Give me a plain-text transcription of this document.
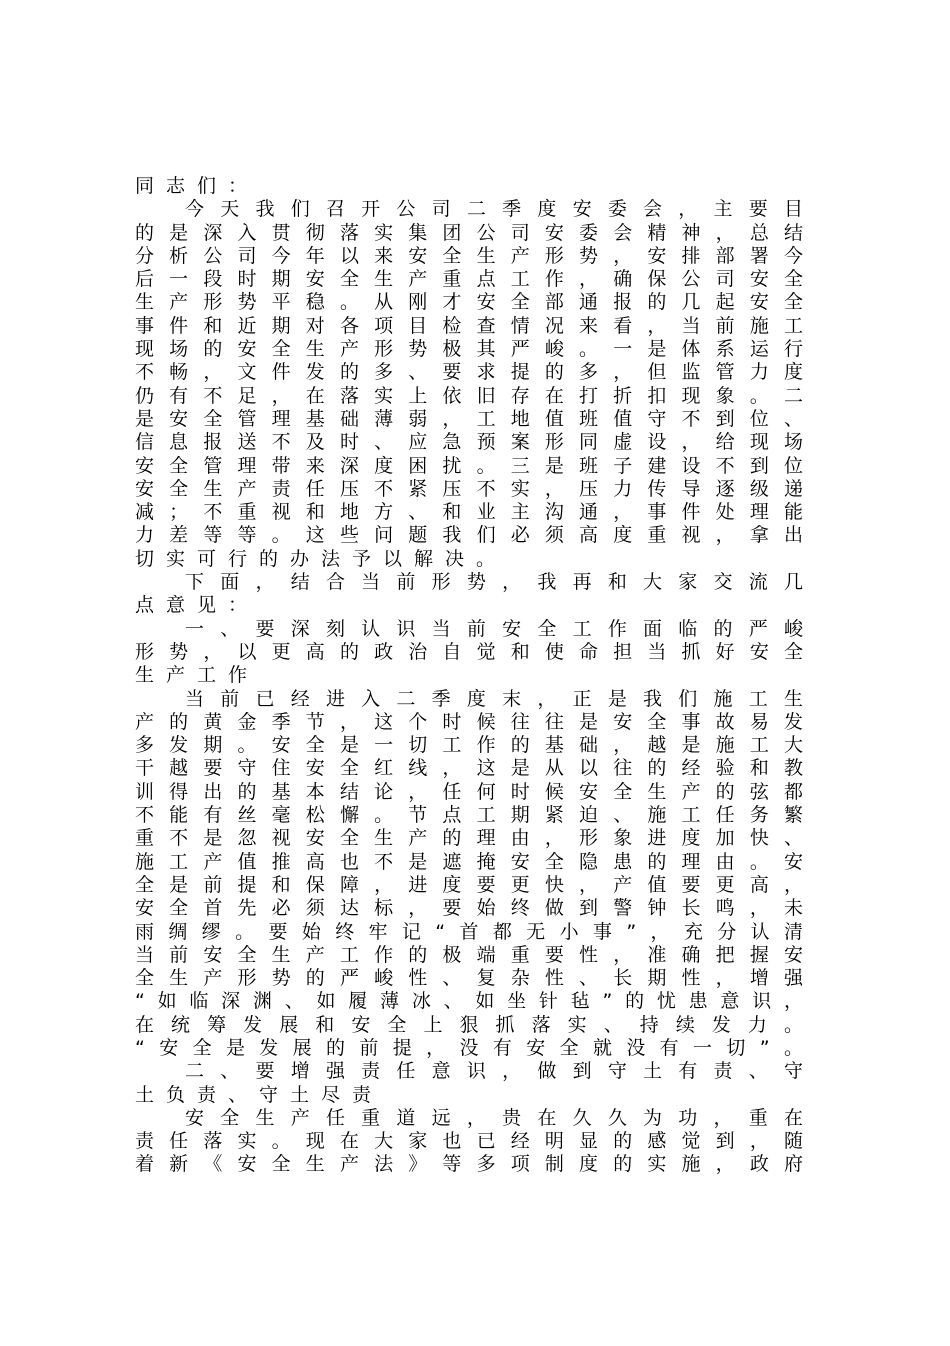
同志们：
今天我们召开公司二季度安委会，主要目
的是深入贯彻落实集团公司安委会精神，总结
分析公司今年以来安全生产形势，安排部署今
后一段时期安全生产重点工作，确保公司安全
生产形势平稳。从刚才安全部通报的几起安全
事件和近期对各项目检查情况来看，当前施工
现场的安全生产形势极其严峻。一是体系运行
不畅，文件发的多、要求提的多，但监管力度
仍有不足，在落实上依旧存在打折扣现象。二
是安全管理基础薄弱，工地值班值守不到位、
信息报送不及时、应急预案形同虚设，给现场
安全管理带来深度困扰。三是班子建设不到位
安全生产责任压不紧压不实，压力传导逐级递
减；不重视和地方、和业主沟通，事件处理能
力差等等。这些问题我们必须高度重视，拿出
切实可行的办法予以解决。
下面，结合当前形势，我再和大家交流几
点意见：
一、要深刻认识当前安全工作面临的严峻
形势，以更高的政治自觉和使命担当抓好安全
生产工作
当前已经进入二季度末，正是我们施工生
产的黄金季节，这个时候往往是安全事故易发
多发期。安全是一切工作的基础，越是施工大
干越要守住安全红线，这是从以往的经验和教
训得出的基本结论，任何时候安全生产的弦都
不能有丝毫松懈。节点工期紧迫、施工任务繁
重不是忽视安全生产的理由，形象进度加快、
施工产值推高也不是遮掩安全隐患的理由。安
全是前提和保障，进度要更快，产值要更高，
安全首先必须达标，要始终做到警钟长鸣，未
雨绸缪。要始终牢记“首都无小事”，充分认清
当前安全生产工作的极端重要性，准确把握安
全生产形势的严峻性、复杂性、长期性，增强
“如临深渊、如履薄冰、如坐针毡”的忧患意识，
在统筹发展和安全上狠抓落实、持续发力。
“安全是发展的前提，没有安全就没有一切”。
二、要增强责任意识，做到守土有责、守
土负责、守土尽责
安全生产任重道远，贵在久久为功，重在
责任落实。现在大家也已经明显的感觉到，随
着新《安全生产法》等多项制度的实施，政府
